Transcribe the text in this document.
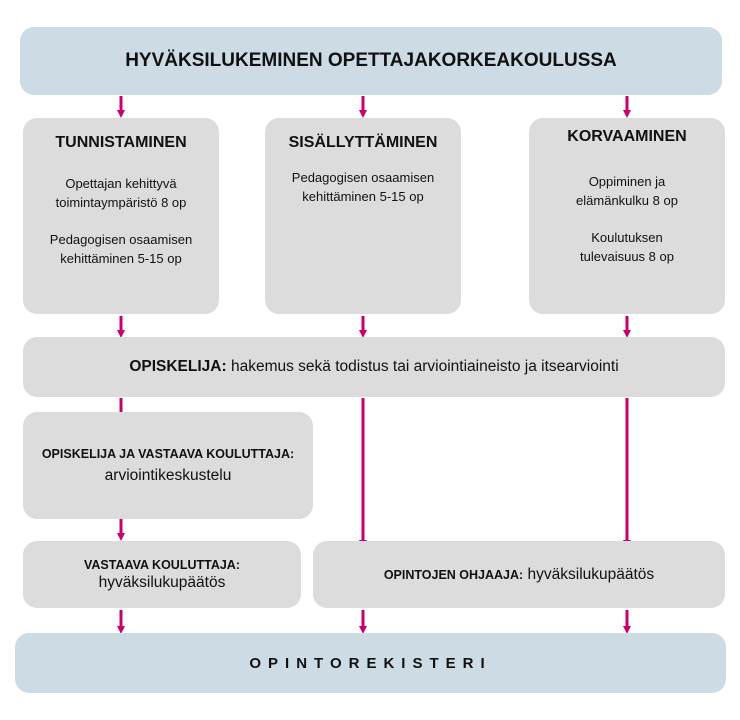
HYVÄKSILUKEMINEN OPETTAJAKORKEAKOULUSSA
TUNNISTAMINEN
Opettajan kehittyvä
toimintaympäristö 8 op
Pedagogisen osaamisen
kehittäminen 5-15 op
SISÄLLYTTÄMINEN
Pedagogisen osaamisen
kehittäminen 5-15 op
KORVAAMINEN
Oppiminen ja
elämänkulku 8 op
Koulutuksen
tulevaisuus 8 op
OPISKELIJA: hakemus sekä todistus tai arviointiaineisto ja itsearviointi
OPISKELIJA JA VASTAAVA KOULUTTAJA:
arviointikeskustelu
VASTAAVA KOULUTTAJA:
hyväksilukupäätös	OPINTOJEN OHJAAJA: hyväksilukupäätös
OPINTOREKISTERI
